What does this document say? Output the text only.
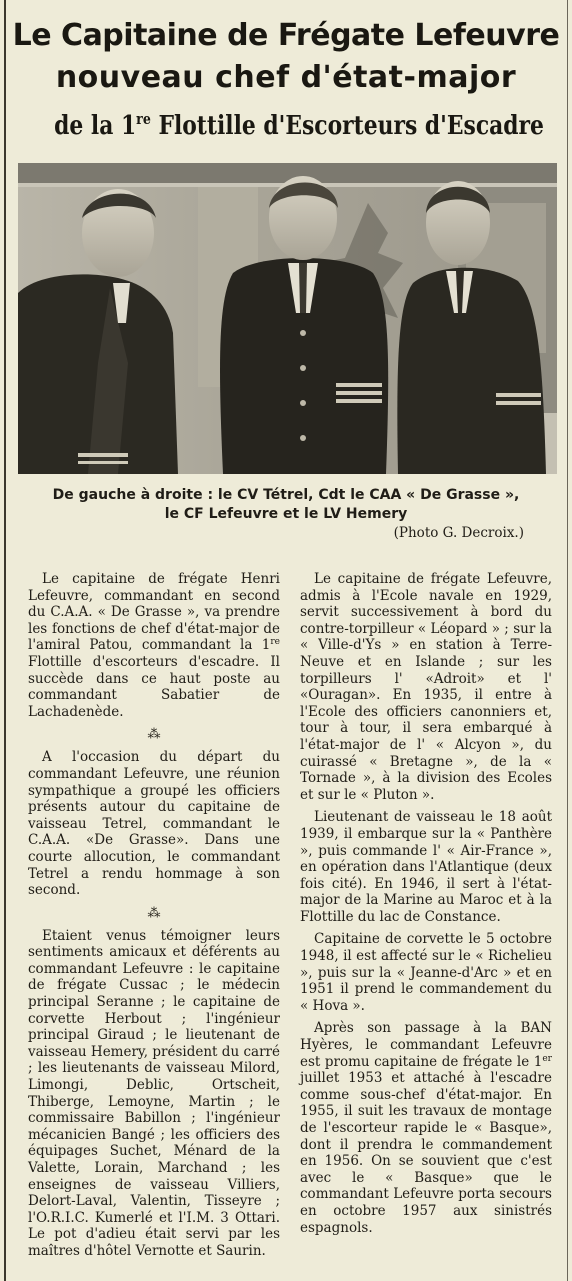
Le Capitaine de Frégate Lefeuvre
nouveau chef d'état-major
de la 1re Flottille d'Escorteurs d'Escadre
De gauche à droite : le CV Tétrel, Cdt le CAA « De Grasse », le CF Lefeuvre et le LV Hemery
(Photo G. Decroix.)

Le capitaine de frégate Henri Lefeuvre, commandant en second du C.A.A. « De Grasse », va prendre les fonctions de chef d'état-major de l'amiral Patou, commandant la 1re Flottille d'escorteurs d'escadre. Il succède dans ce haut poste au commandant Sabatier de Lachadenède.

⁂

A l'occasion du départ du commandant Lefeuvre, une réunion sympathique a groupé les officiers présents autour du capitaine de vaisseau Tetrel, commandant le C.A.A. «De Grasse». Dans une courte allocution, le commandant Tetrel a rendu hommage à son second.

⁂

Etaient venus témoigner leurs sentiments amicaux et déférents au commandant Lefeuvre : le capitaine de frégate Cussac ; le médecin principal Seranne ; le capitaine de corvette Herbout ; l'ingénieur principal Giraud ; le lieutenant de vaisseau Hemery, président du carré ; les lieutenants de vaisseau Milord, Limongi, Deblic, Ortscheit, Thiberge, Lemoyne, Martin ; le commissaire Babillon ; l'ingénieur mécanicien Bangé ; les officiers des équipages Suchet, Ménard de la Valette, Lorain, Marchand ; les enseignes de vaisseau Villiers, Delort-Laval, Valentin, Tisseyre ; l'O.R.I.C. Kumerlé et l'I.M. 3 Ottari. Le pot d'adieu était servi par les maîtres d'hôtel Vernotte et Saurin.

Le capitaine de frégate Lefeuvre, admis à l'Ecole navale en 1929, servit successivement à bord du contre-torpilleur « Léopard » ; sur la « Ville-d'Ys » en station à Terre-Neuve et en Islande ; sur les torpilleurs l' «Adroit» et l' «Ouragan». En 1935, il entre à l'Ecole des officiers canonniers et, tour à tour, il sera embarqué à l'état-major de l' « Alcyon », du cuirassé « Bretagne », de la « Tornade », à la division des Ecoles et sur le « Pluton ».

Lieutenant de vaisseau le 18 août 1939, il embarque sur la « Panthère », puis commande l' « Air-France », en opération dans l'Atlantique (deux fois cité). En 1946, il sert à l'état-major de la Marine au Maroc et à la Flottille du lac de Constance.

Capitaine de corvette le 5 octobre 1948, il est affecté sur le « Richelieu », puis sur la « Jeanne-d'Arc » et en 1951 il prend le commandement du « Hova ».

Après son passage à la BAN Hyères, le commandant Lefeuvre est promu capitaine de frégate le 1er juillet 1953 et attaché à l'escadre comme sous-chef d'état-major. En 1955, il suit les travaux de montage de l'escorteur rapide le « Basque», dont il prendra le commandement en 1956. On se souvient que c'est avec le « Basque» que le commandant Lefeuvre porta secours en octobre 1957 aux sinistrés espagnols.
